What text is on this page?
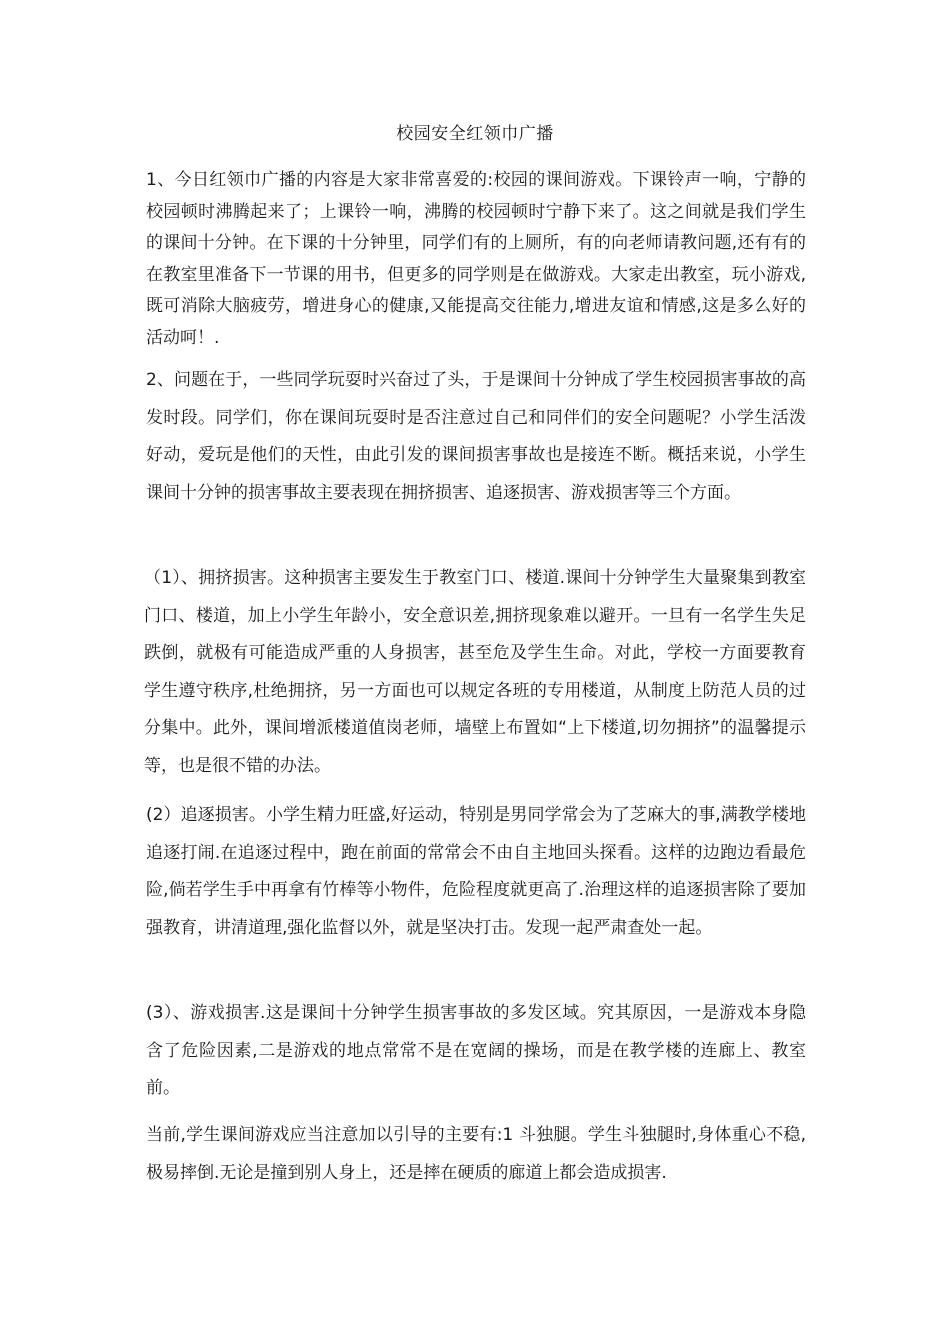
校园安全红领巾广播

1、今日红领巾广播的内容是大家非常喜爱的:校园的课间游戏。下课铃声一响，宁静的校园顿时沸腾起来了；上课铃一响，沸腾的校园顿时宁静下来了。这之间就是我们学生的课间十分钟。在下课的十分钟里，同学们有的上厕所，有的向老师请教问题,还有有的在教室里准备下一节课的用书，但更多的同学则是在做游戏。大家走出教室，玩小游戏,既可消除大脑疲劳，增进身心的健康,又能提高交往能力,增进友谊和情感,这是多么好的活动呵！.

2、问题在于，一些同学玩耍时兴奋过了头，于是课间十分钟成了学生校园损害事故的高发时段。同学们，你在课间玩耍时是否注意过自己和同伴们的安全问题呢？小学生活泼好动，爱玩是他们的天性，由此引发的课间损害事故也是接连不断。概括来说，小学生课间十分钟的损害事故主要表现在拥挤损害、追逐损害、游戏损害等三个方面。

（1）、拥挤损害。这种损害主要发生于教室门口、楼道.课间十分钟学生大量聚集到教室门口、楼道，加上小学生年龄小，安全意识差,拥挤现象难以避开。一旦有一名学生失足跌倒，就极有可能造成严重的人身损害，甚至危及学生生命。对此，学校一方面要教育学生遵守秩序,杜绝拥挤，另一方面也可以规定各班的专用楼道，从制度上防范人员的过分集中。此外，课间增派楼道值岗老师，墙壁上布置如“上下楼道,切勿拥挤”的温馨提示等，也是很不错的办法。

(2）追逐损害。小学生精力旺盛,好运动，特别是男同学常会为了芝麻大的事,满教学楼地追逐打闹.在追逐过程中，跑在前面的常常会不由自主地回头探看。这样的边跑边看最危险,倘若学生手中再拿有竹棒等小物件，危险程度就更高了.治理这样的追逐损害除了要加强教育，讲清道理,强化监督以外，就是坚决打击。发现一起严肃查处一起。

(3）、游戏损害.这是课间十分钟学生损害事故的多发区域。究其原因，一是游戏本身隐含了危险因素,二是游戏的地点常常不是在宽阔的操场，而是在教学楼的连廊上、教室前。

当前,学生课间游戏应当注意加以引导的主要有:1 斗独腿。学生斗独腿时,身体重心不稳,极易摔倒.无论是撞到别人身上，还是摔在硬质的廊道上都会造成损害.
